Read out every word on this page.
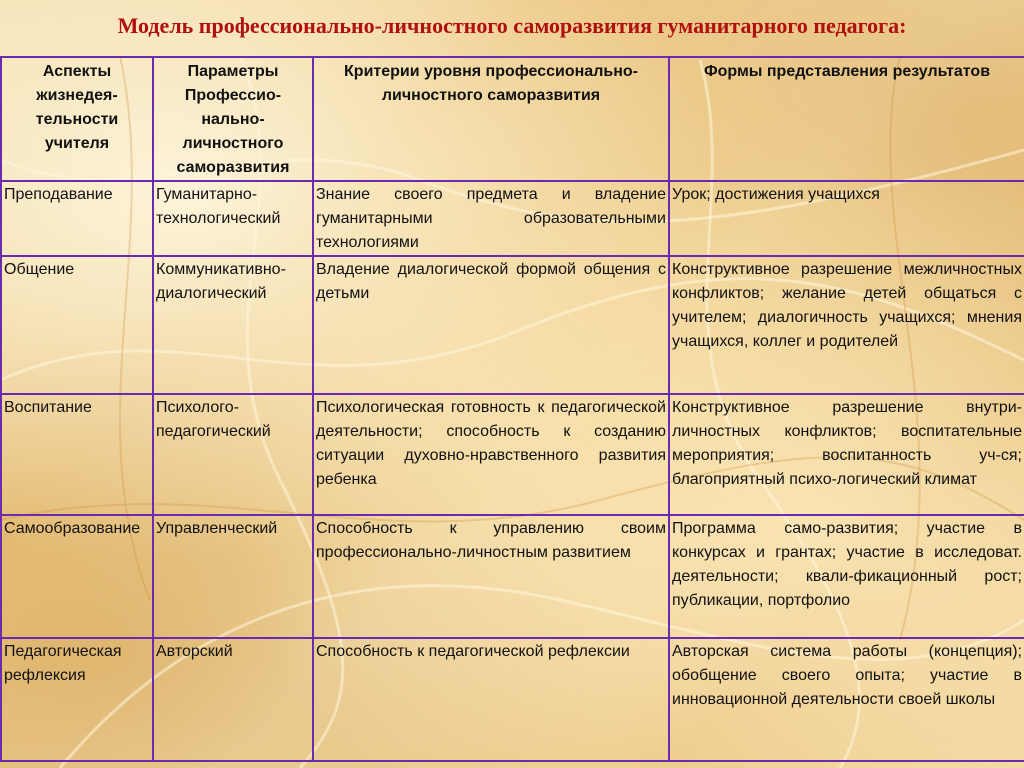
Модель профессионально-личностного саморазвития гуманитарного педагога:
Аспекты жизнедея-тельности учителя	Параметры Профессио-нально-личностного саморазвития	Критерии уровня профессионально-личностного саморазвития	Формы представления результатов
Преподавание	Гуманитарно-технологический	Знание своего предмета и владение гуманитарными образовательными технологиями	Урок; достижения учащихся
Общение	Коммуникативно-диалогический	Владение диалогической формой общения с детьми	Конструктивное разрешение межличностных конфликтов; желание детей общаться с учителем; диалогичность учащихся; мнения учащихся, коллег и родителей
Воспитание	Психолого-педагогический	Психологическая готовность к педагогической деятельности; способность к созданию ситуации духовно-нравственного развития ребенка	Конструктивное разрешение внутри-личностных конфликтов; воспитательные мероприятия; воспитанность уч-ся; благоприятный психо-логический климат
Самообразование	Управленческий	Способность к управлению своим профессионально-личностным развитием	Программа само-развития; участие в конкурсах и грантах; участие в исследоват. деятельности; квали-фикационный рост; публикации, портфолио
Педагогическая рефлексия	Авторский	Способность к педагогической рефлексии	Авторская система работы (концепция); обобщение своего опыта; участие в инновационной деятельности своей школы
